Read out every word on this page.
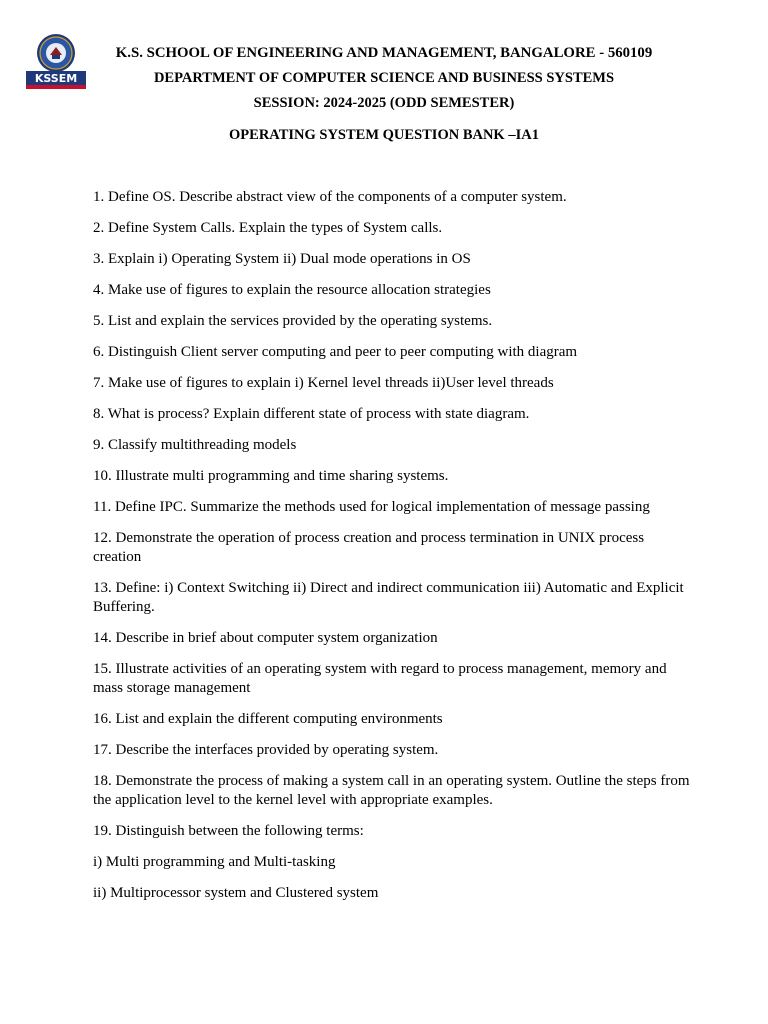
KSSEM
K.S. SCHOOL OF ENGINEERING AND MANAGEMENT, BANGALORE - 560109
DEPARTMENT OF COMPUTER SCIENCE AND BUSINESS SYSTEMS
SESSION: 2024-2025 (ODD SEMESTER)
OPERATING SYSTEM QUESTION BANK –IA1
1. Define OS. Describe abstract view of the components of a computer system.
2. Define System Calls. Explain the types of System calls.
3. Explain i) Operating System ii) Dual mode operations in OS
4. Make use of figures to explain the resource allocation strategies
5. List and explain the services provided by the operating systems.
6. Distinguish Client server computing and peer to peer computing with diagram
7. Make use of figures to explain i) Kernel level threads ii)User level threads
8. What is process? Explain different state of process with state diagram.
9. Classify multithreading models
10. Illustrate multi programming and time sharing systems.
11. Define IPC. Summarize the methods used for logical implementation of message passing
12. Demonstrate the operation of process creation and process termination in UNIX process creation
13. Define: i) Context Switching ii) Direct and indirect communication iii) Automatic and Explicit Buffering.
14. Describe in brief about computer system organization
15. Illustrate activities of an operating system with regard to process management, memory and mass storage management
16. List and explain the different computing environments
17. Describe the interfaces provided by operating system.
18. Demonstrate the process of making a system call in an operating system. Outline the steps from the application level to the kernel level with appropriate examples.
19. Distinguish between the following terms:
i) Multi programming and Multi-tasking
ii) Multiprocessor system and Clustered system
